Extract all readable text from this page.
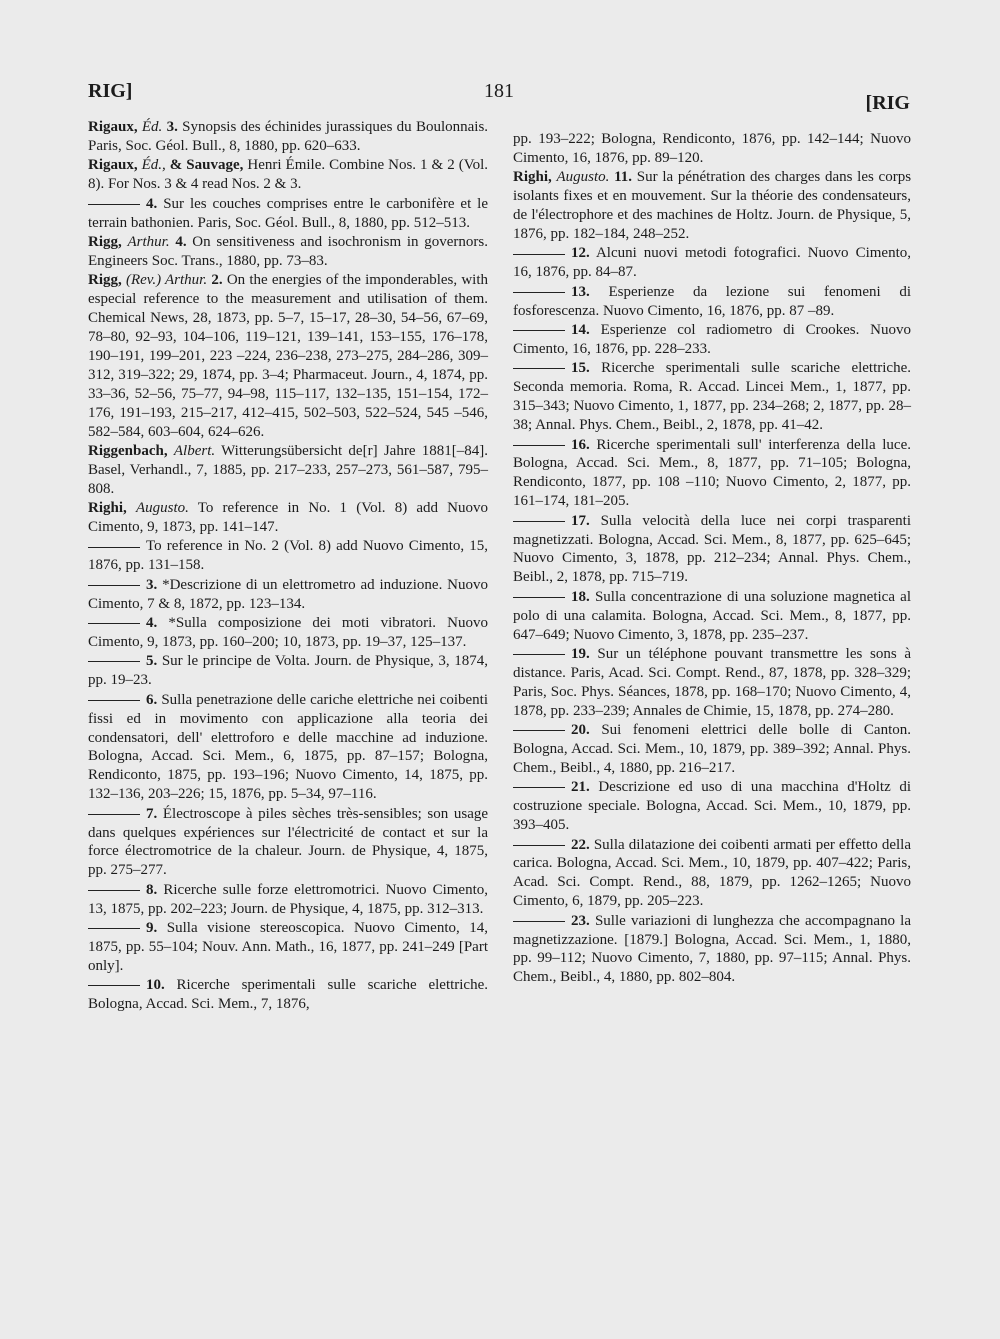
RIG]	181
[RIG
Rigaux, Éd. 3. Synopsis des échinides jurassiques du Boulonnais. Paris, Soc. Géol. Bull., 8, 1880, pp. 620–633.
Rigaux, Éd., & Sauvage, Henri Émile. Combine Nos. 1 & 2 (Vol. 8). For Nos. 3 & 4 read Nos. 2 & 3.
4. Sur les couches comprises entre le carbonifère et le terrain bathonien. Paris, Soc. Géol. Bull., 8, 1880, pp. 512–513.
Rigg, Arthur. 4. On sensitiveness and isochronism in governors. Engineers Soc. Trans., 1880, pp. 73–83.
Rigg, (Rev.) Arthur. 2. On the energies of the imponderables, with especial reference to the measurement and utilisation of them. Chemical News, 28, 1873, pp. 5–7, 15–17, 28–30, 54–56, 67–69, 78–80, 92–93, 104–106, 119–121, 139–141, 153–155, 176–178, 190–191, 199–201, 223 –224, 236–238, 273–275, 284–286, 309–312, 319–322; 29, 1874, pp. 3–4; Pharmaceut. Journ., 4, 1874, pp. 33–36, 52–56, 75–77, 94–98, 115–117, 132–135, 151–154, 172–176, 191–193, 215–217, 412–415, 502–503, 522–524, 545 –546, 582–584, 603–604, 624–626.
Riggenbach, Albert. Witterungsübersicht de[r] Jahre 1881[–84]. Basel, Verhandl., 7, 1885, pp. 217–233, 257–273, 561–587, 795–808.
Righi, Augusto. To reference in No. 1 (Vol. 8) add Nuovo Cimento, 9, 1873, pp. 141–147.
To reference in No. 2 (Vol. 8) add Nuovo Cimento, 15, 1876, pp. 131–158.
3. *Descrizione di un elettrometro ad induzione. Nuovo Cimento, 7 & 8, 1872, pp. 123–134.
4. *Sulla composizione dei moti vibratori. Nuovo Cimento, 9, 1873, pp. 160–200; 10, 1873, pp. 19–37, 125–137.
5. Sur le principe de Volta. Journ. de Physique, 3, 1874, pp. 19–23.
6. Sulla penetrazione delle cariche elettriche nei coibenti fissi ed in movimento con applicazione alla teoria dei condensatori, dell' elettroforo e delle macchine ad induzione. Bologna, Accad. Sci. Mem., 6, 1875, pp. 87–157; Bologna, Rendiconto, 1875, pp. 193–196; Nuovo Cimento, 14, 1875, pp. 132–136, 203–226; 15, 1876, pp. 5–34, 97–116.
7. Électroscope à piles sèches très-sensibles; son usage dans quelques expériences sur l'électricité de contact et sur la force électromotrice de la chaleur. Journ. de Physique, 4, 1875, pp. 275–277.
8. Ricerche sulle forze elettromotrici. Nuovo Cimento, 13, 1875, pp. 202–223; Journ. de Physique, 4, 1875, pp. 312–313.
9. Sulla visione stereoscopica. Nuovo Cimento, 14, 1875, pp. 55–104; Nouv. Ann. Math., 16, 1877, pp. 241–249 [Part only].
10. Ricerche sperimentali sulle scariche elettriche. Bologna, Accad. Sci. Mem., 7, 1876,
pp. 193–222; Bologna, Rendiconto, 1876, pp. 142–144; Nuovo Cimento, 16, 1876, pp. 89–120.
Righi, Augusto. 11. Sur la pénétration des charges dans les corps isolants fixes et en mouvement. Sur la théorie des condensateurs, de l'électrophore et des machines de Holtz. Journ. de Physique, 5, 1876, pp. 182–184, 248–252.
12. Alcuni nuovi metodi fotografici. Nuovo Cimento, 16, 1876, pp. 84–87.
13. Esperienze da lezione sui fenomeni di fosforescenza. Nuovo Cimento, 16, 1876, pp. 87 –89.
14. Esperienze col radiometro di Crookes. Nuovo Cimento, 16, 1876, pp. 228–233.
15. Ricerche sperimentali sulle scariche elettriche. Seconda memoria. Roma, R. Accad. Lincei Mem., 1, 1877, pp. 315–343; Nuovo Cimento, 1, 1877, pp. 234–268; 2, 1877, pp. 28–38; Annal. Phys. Chem., Beibl., 2, 1878, pp. 41–42.
16. Ricerche sperimentali sull' interferenza della luce. Bologna, Accad. Sci. Mem., 8, 1877, pp. 71–105; Bologna, Rendiconto, 1877, pp. 108 –110; Nuovo Cimento, 2, 1877, pp. 161–174, 181–205.
17. Sulla velocità della luce nei corpi trasparenti magnetizzati. Bologna, Accad. Sci. Mem., 8, 1877, pp. 625–645; Nuovo Cimento, 3, 1878, pp. 212–234; Annal. Phys. Chem., Beibl., 2, 1878, pp. 715–719.
18. Sulla concentrazione di una soluzione magnetica al polo di una calamita. Bologna, Accad. Sci. Mem., 8, 1877, pp. 647–649; Nuovo Cimento, 3, 1878, pp. 235–237.
19. Sur un téléphone pouvant transmettre les sons à distance. Paris, Acad. Sci. Compt. Rend., 87, 1878, pp. 328–329; Paris, Soc. Phys. Séances, 1878, pp. 168–170; Nuovo Cimento, 4, 1878, pp. 233–239; Annales de Chimie, 15, 1878, pp. 274–280.
20. Sui fenomeni elettrici delle bolle di Canton. Bologna, Accad. Sci. Mem., 10, 1879, pp. 389–392; Annal. Phys. Chem., Beibl., 4, 1880, pp. 216–217.
21. Descrizione ed uso di una macchina d'Holtz di costruzione speciale. Bologna, Accad. Sci. Mem., 10, 1879, pp. 393–405.
22. Sulla dilatazione dei coibenti armati per effetto della carica. Bologna, Accad. Sci. Mem., 10, 1879, pp. 407–422; Paris, Acad. Sci. Compt. Rend., 88, 1879, pp. 1262–1265; Nuovo Cimento, 6, 1879, pp. 205–223.
23. Sulle variazioni di lunghezza che accompagnano la magnetizzazione. [1879.] Bologna, Accad. Sci. Mem., 1, 1880, pp. 99–112; Nuovo Cimento, 7, 1880, pp. 97–115; Annal. Phys. Chem., Beibl., 4, 1880, pp. 802–804.
